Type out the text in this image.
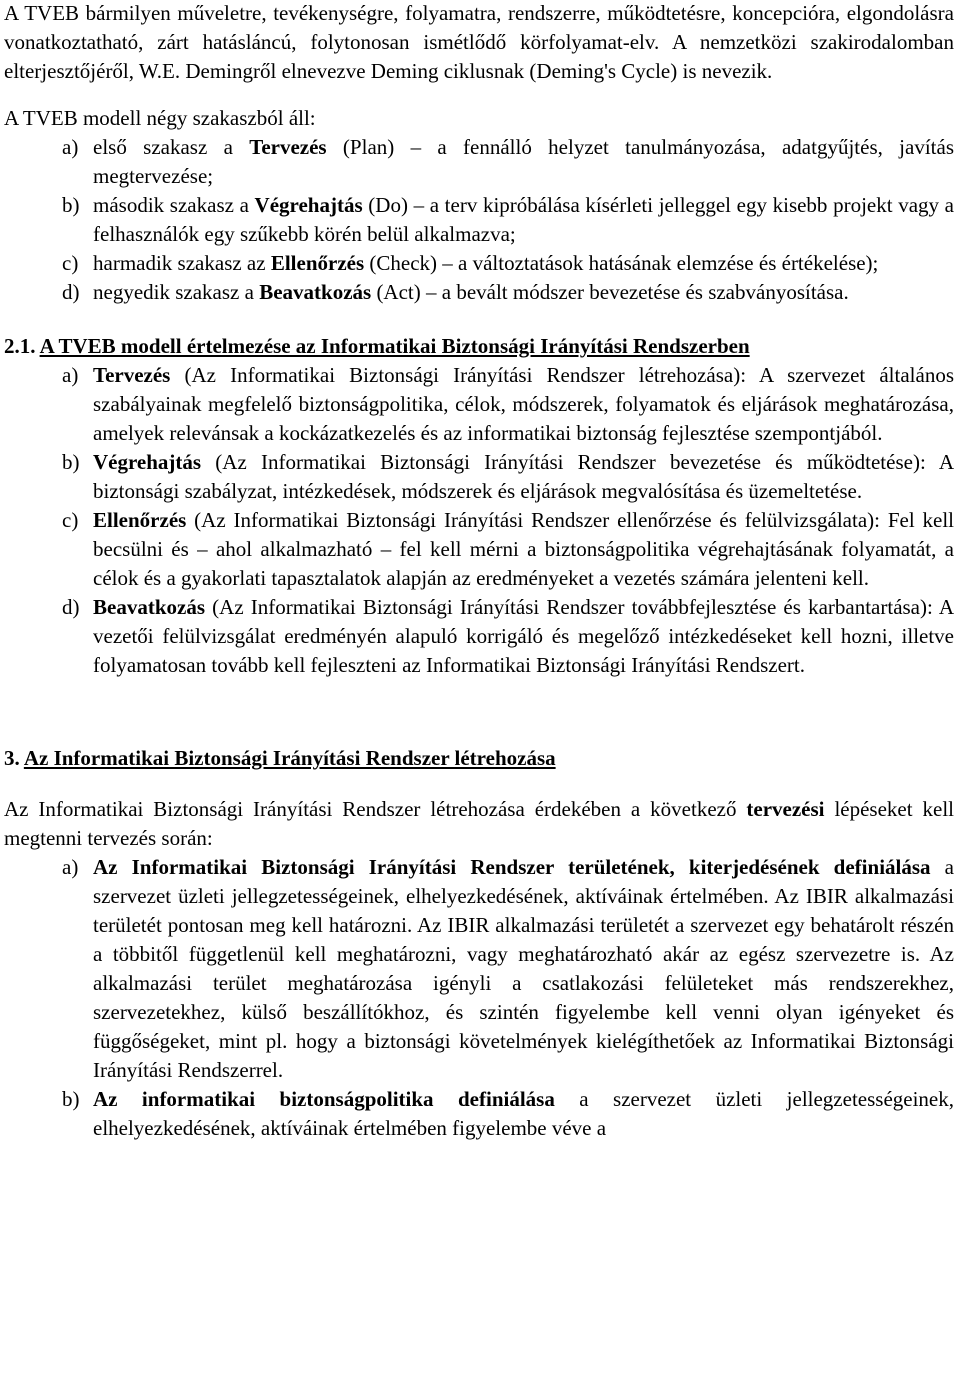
A TVEB bármilyen műveletre, tevékenységre, folyamatra, rendszerre, működtetésre, koncepcióra, elgondolásra vonatkoztatható, zárt hatásláncú, folytonosan ismétlődő körfolyamat-elv. A nemzetközi szakirodalomban elterjesztőjéről, W.E. Demingről elnevezve Deming ciklusnak (Deming's Cycle) is nevezik.

A TVEB modell négy szakaszból áll:

a) első szakasz a Tervezés (Plan) – a fennálló helyzet tanulmányozása, adatgyűjtés, javítás megtervezése;
b) második szakasz a Végrehajtás (Do) – a terv kipróbálása kísérleti jelleggel egy kisebb projekt vagy a felhasználók egy szűkebb körén belül alkalmazva;
c) harmadik szakasz az Ellenőrzés (Check) – a változtatások hatásának elemzése és értékelése);
d) negyedik szakasz a Beavatkozás (Act) – a bevált módszer bevezetése és szabványosítása.

2.1. A TVEB modell értelmezése az Informatikai Biztonsági Irányítási Rendszerben

a) Tervezés (Az Informatikai Biztonsági Irányítási Rendszer létrehozása): A szervezet általános szabályainak megfelelő biztonságpolitika, célok, módszerek, folyamatok és eljárások meghatározása, amelyek relevánsak a kockázatkezelés és az informatikai biztonság fejlesztése szempontjából.
b) Végrehajtás (Az Informatikai Biztonsági Irányítási Rendszer bevezetése és működtetése): A biztonsági szabályzat, intézkedések, módszerek és eljárások megvalósítása és üzemeltetése.
c) Ellenőrzés (Az Informatikai Biztonsági Irányítási Rendszer ellenőrzése és felülvizsgálata): Fel kell becsülni és – ahol alkalmazható – fel kell mérni a biztonságpolitika végrehajtásának folyamatát, a célok és a gyakorlati tapasztalatok alapján az eredményeket a vezetés számára jelenteni kell.
d) Beavatkozás (Az Informatikai Biztonsági Irányítási Rendszer továbbfejlesztése és karbantartása): A vezetői felülvizsgálat eredményén alapuló korrigáló és megelőző intézkedéseket kell hozni, illetve folyamatosan tovább kell fejleszteni az Informatikai Biztonsági Irányítási Rendszert.

3. Az Informatikai Biztonsági Irányítási Rendszer létrehozása

Az Informatikai Biztonsági Irányítási Rendszer létrehozása érdekében a következő tervezési lépéseket kell megtenni tervezés során:

a) Az Informatikai Biztonsági Irányítási Rendszer területének, kiterjedésének definiálása a szervezet üzleti jellegzetességeinek, elhelyezkedésének, aktíváinak értelmében. Az IBIR alkalmazási területét pontosan meg kell határozni. Az IBIR alkalmazási területét a szervezet egy behatárolt részén a többitől függetlenül kell meghatározni, vagy meghatározható akár az egész szervezetre is. Az alkalmazási terület meghatározása igényli a csatlakozási felületeket más rendszerekhez, szervezetekhez, külső beszállítókhoz, és szintén figyelembe kell venni olyan igényeket és függőségeket, mint pl. hogy a biztonsági követelmények kielégíthetőek az Informatikai Biztonsági Irányítási Rendszerrel.
b) Az informatikai biztonságpolitika definiálása a szervezet üzleti jellegzetességeinek, elhelyezkedésének, aktíváinak értelmében figyelembe véve a
